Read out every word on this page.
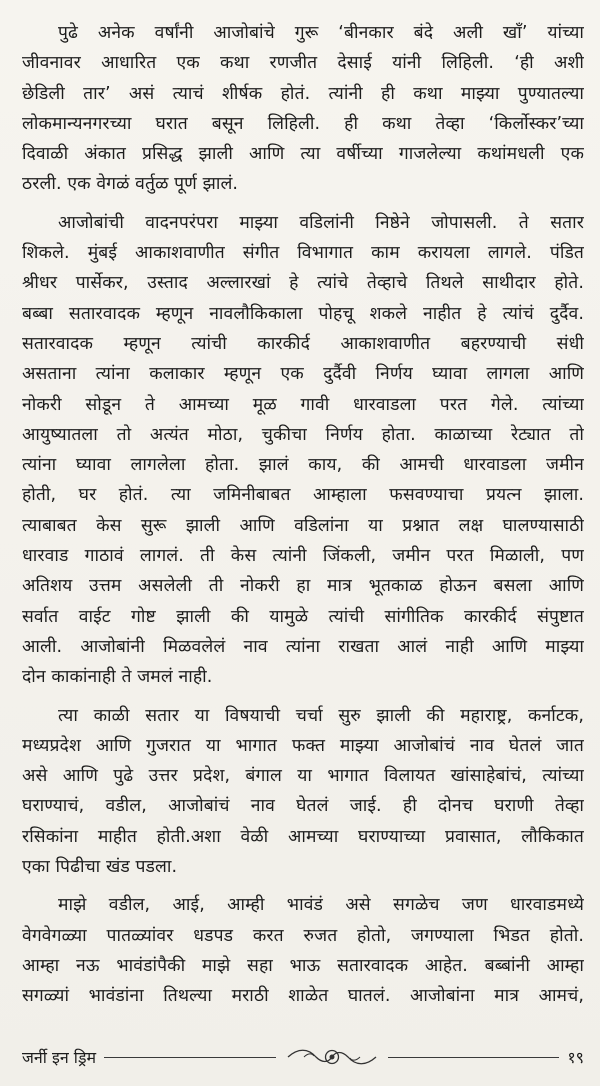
पुढे अनेक वर्षांनी आजोबांचे गुरू ‘बीनकार बंदे अली खाँ’ यांच्या
जीवनावर आधारित एक कथा रणजीत देसाई यांनी लिहिली. ‘ही अशी
छेडिली तार’ असं त्याचं शीर्षक होतं. त्यांनी ही कथा माझ्या पुण्यातल्या
लोकमान्यनगरच्या घरात बसून लिहिली. ही कथा तेव्हा ‘किर्लोस्कर’च्या
दिवाळी अंकात प्रसिद्ध झाली आणि त्या वर्षीच्या गाजलेल्या कथांमधली एक
ठरली. एक वेगळं वर्तुळ पूर्ण झालं.
आजोबांची वादनपरंपरा माझ्या वडिलांनी निष्ठेने जोपासली. ते सतार
शिकले. मुंबई आकाशवाणीत संगीत विभागात काम करायला लागले. पंडित
श्रीधर पार्सेकर, उस्ताद अल्लारखां हे त्यांचे तेव्हाचे तिथले साथीदार होते.
बब्बा सतारवादक म्हणून नावलौकिकाला पोहचू शकले नाहीत हे त्यांचं दुर्दैव.
सतारवादक म्हणून त्यांची कारकीर्द आकाशवाणीत बहरण्याची संधी
असताना त्यांना कलाकार म्हणून एक दुर्दैवी निर्णय घ्यावा लागला आणि
नोकरी सोडून ते आमच्या मूळ गावी धारवाडला परत गेले. त्यांच्या
आयुष्यातला तो अत्यंत मोठा, चुकीचा निर्णय होता. काळाच्या रेट्यात तो
त्यांना घ्यावा लागलेला होता. झालं काय, की आमची धारवाडला जमीन
होती, घर होतं. त्या जमिनीबाबत आम्हाला फसवण्याचा प्रयत्न झाला.
त्याबाबत केस सुरू झाली आणि वडिलांना या प्रश्नात लक्ष घालण्यासाठी
धारवाड गाठावं लागलं. ती केस त्यांनी जिंकली, जमीन परत मिळाली, पण
अतिशय उत्तम असलेली ती नोकरी हा मात्र भूतकाळ होऊन बसला आणि
सर्वात वाईट गोष्ट झाली की यामुळे त्यांची सांगीतिक कारकीर्द संपुष्टात
आली. आजोबांनी मिळवलेलं नाव त्यांना राखता आलं नाही आणि माझ्या
दोन काकांनाही ते जमलं नाही.
त्या काळी सतार या विषयाची चर्चा सुरु झाली की महाराष्ट्र, कर्नाटक,
मध्यप्रदेश आणि गुजरात या भागात फक्त माझ्या आजोबांचं नाव घेतलं जात
असे आणि पुढे उत्तर प्रदेश, बंगाल या भागात विलायत खांसाहेबांचं, त्यांच्या
घराण्याचं, वडील, आजोबांचं नाव घेतलं जाई. ही दोनच घराणी तेव्हा
रसिकांना माहीत होती.अशा वेळी आमच्या घराण्याच्या प्रवासात, लौकिकात
एका पिढीचा खंड पडला.
माझे वडील, आई, आम्ही भावंडं असे सगळेच जण धारवाडमध्ये
वेगवेगळ्या पातळ्यांवर धडपड करत रुजत होतो, जगण्याला भिडत होतो.
आम्हा नऊ भावंडांपैकी माझे सहा भाऊ सतारवादक आहेत. बब्बांनी आम्हा
सगळ्यां भावंडांना तिथल्या मराठी शाळेत घातलं. आजोबांना मात्र आमचं,
जर्नी इन ड्रिम	१९
